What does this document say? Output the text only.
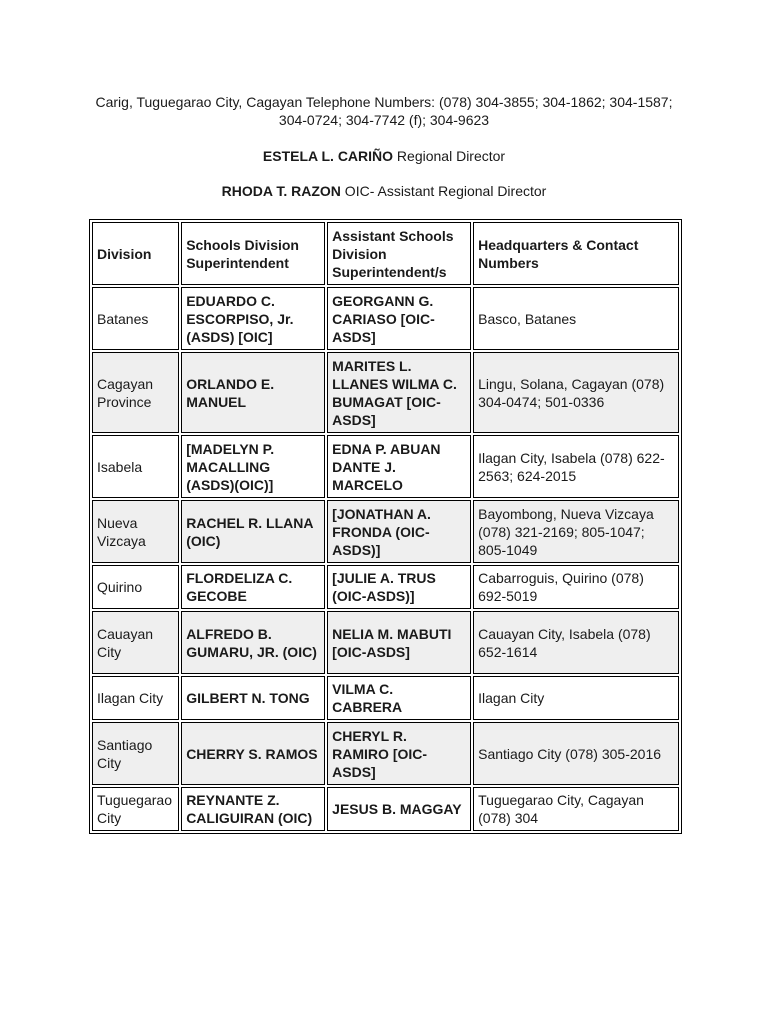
Carig, Tuguegarao City, Cagayan Telephone Numbers: (078) 304-3855; 304-1862; 304-1587; 304-0724; 304-7742 (f); 304-9623
ESTELA L. CARIÑO Regional Director
RHODA T. RAZON OIC- Assistant Regional Director
Division	Schools Division Superintendent	Assistant Schools Division Superintendent/s	Headquarters & Contact Numbers
Batanes	EDUARDO C. ESCORPISO, Jr. (ASDS) [OIC]	GEORGANN G. CARIASO [OIC-ASDS]	Basco, Batanes
Cagayan Province	ORLANDO E. MANUEL	MARITES L. LLANES WILMA C. BUMAGAT [OIC-ASDS]	Lingu, Solana, Cagayan (078) 304-0474; 501-0336
Isabela	[MADELYN P. MACALLING (ASDS)(OIC)]	EDNA P. ABUAN DANTE J. MARCELO	Ilagan City, Isabela (078) 622-2563; 624-2015
Nueva Vizcaya	RACHEL R. LLANA (OIC)	[JONATHAN A. FRONDA (OIC-ASDS)]	Bayombong, Nueva Vizcaya (078) 321-2169; 805-1047; 805-1049
Quirino	FLORDELIZA C. GECOBE	[JULIE A. TRUS (OIC-ASDS)]	Cabarroguis, Quirino (078) 692-5019
Cauayan City	ALFREDO B. GUMARU, JR. (OIC)	NELIA M. MABUTI [OIC-ASDS]	Cauayan City, Isabela (078) 652-1614
Ilagan City	GILBERT N. TONG	VILMA C. CABRERA	Ilagan City
Santiago City	CHERRY S. RAMOS	CHERYL R. RAMIRO [OIC-ASDS]	Santiago City (078) 305-2016
Tuguegarao City	REYNANTE Z. CALIGUIRAN (OIC)	JESUS B. MAGGAY	Tuguegarao City, Cagayan (078) 304
